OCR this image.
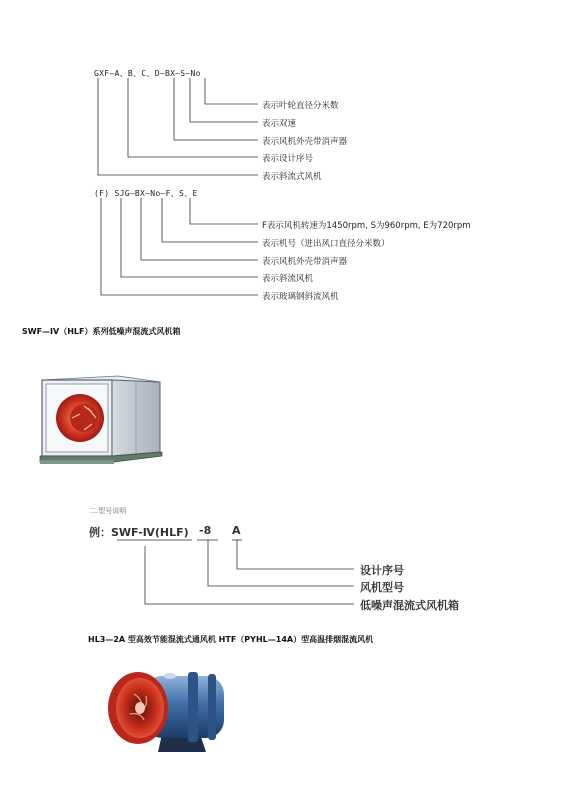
GXF—A、B、C、D—BX—S—No
表示叶轮直径分米数
表示双速
表示风机外壳带消声器
表示设计序号
表示斜流式风机
(F) SJG—BX—No—F、S、E
F表示风机转速为1450rpm, S为960rpm, E为720rpm
表示机号（进出风口直径分米数）
表示风机外壳带消声器
表示斜流风机
表示玻璃钢斜流风机
SWF—IV（HLF）系列低噪声混流式风机箱
二.型号说明
例：SWF-Ⅳ(HLF) -8 A
设计序号
风机型号
低噪声混流式风机箱
HL3—2A 型高效节能混流式通风机 HTF（PYHL—14A）型高温排烟混流风机
